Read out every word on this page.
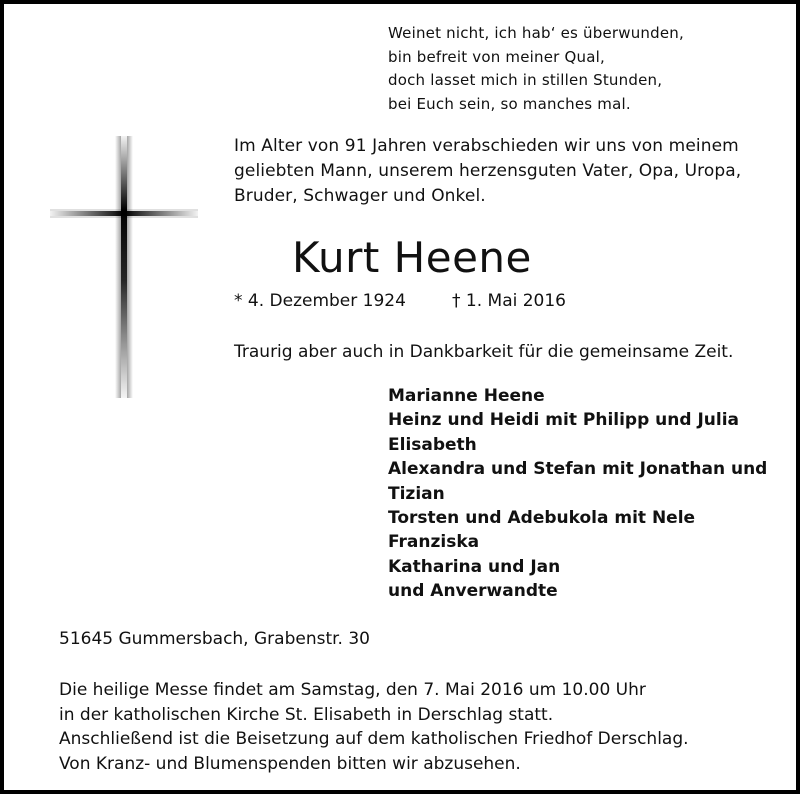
Weinet nicht, ich hab‘ es überwunden,
bin befreit von meiner Qual,
doch lasset mich in stillen Stunden,
bei Euch sein, so manches mal.
Im Alter von 91 Jahren verabschieden wir uns von meinem
geliebten Mann, unserem herzensguten Vater, Opa, Uropa,
Bruder, Schwager und Onkel.
Kurt Heene
* 4. Dezember 1924	† 1. Mai 2016
Traurig aber auch in Dankbarkeit für die gemeinsame Zeit.
Marianne Heene
Heinz und Heidi mit Philipp und Julia
Elisabeth
Alexandra und Stefan mit Jonathan und
Tizian
Torsten und Adebukola mit Nele
Franziska
Katharina und Jan
und Anverwandte
51645 Gummersbach, Grabenstr. 30
Die heilige Messe findet am Samstag, den 7. Mai 2016 um 10.00 Uhr
in der katholischen Kirche St. Elisabeth in Derschlag statt.
Anschließend ist die Beisetzung auf dem katholischen Friedhof Derschlag.
Von Kranz- und Blumenspenden bitten wir abzusehen.
